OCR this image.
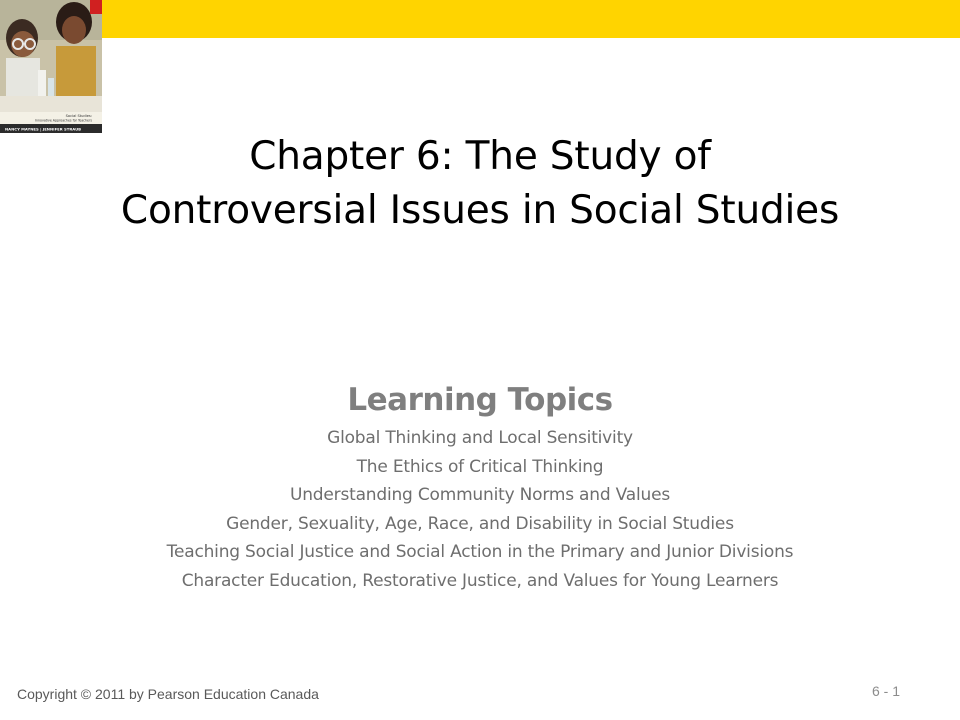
Social Studies:
Innovative Approaches for Teachers
NANCY MAYNES | JENNIFER STRAUB
Chapter 6: The Study of
Controversial Issues in Social Studies
Learning Topics
Global Thinking and Local Sensitivity
The Ethics of Critical Thinking
Understanding Community Norms and Values
Gender, Sexuality, Age, Race, and Disability in Social Studies
Teaching Social Justice and Social Action in the Primary and Junior Divisions
Character Education, Restorative Justice, and Values for Young Learners
Copyright © 2011 by Pearson Education Canada	6 - 1
